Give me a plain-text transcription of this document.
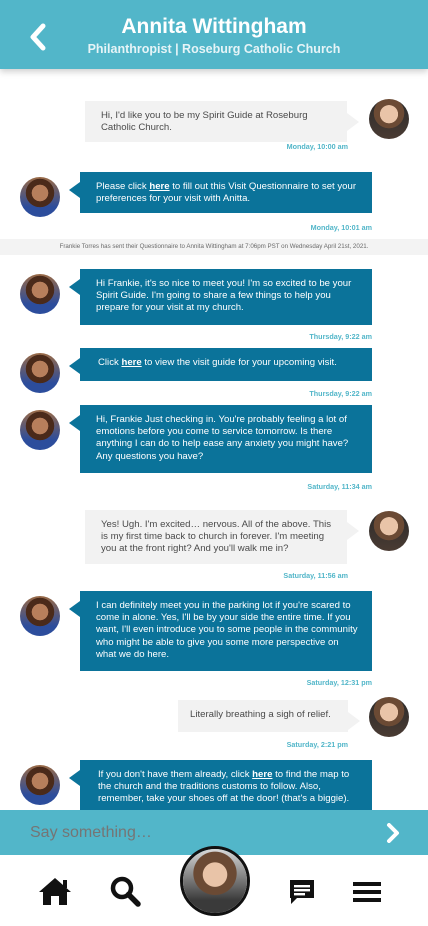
Annita Wittingham
Philanthropist | Roseburg Catholic Church
Hi, I'd like you to be my Spirit Guide at Roseburg Catholic Church.
Monday, 10:00 am
Please click here to fill out this Visit Questionnaire to set your preferences for your visit with Anitta.
Monday, 10:01 am
Frankie Torres has sent their Questionnaire to Annita Wittingham at 7:06pm PST on Wednesday April 21st, 2021.
Hi Frankie, it's so nice to meet you! I'm so excited to be your Spirit Guide. I'm going to share a few things to help you prepare for your visit at my church.
Thursday, 9:22 am
Click here to view the visit guide for your upcoming visit.
Thursday, 9:22 am
Hi, Frankie Just checking in. You're probably feeling a lot of emotions before you come to service tomorrow. Is there anything I can do to help ease any anxiety you might have? Any questions you have?
Saturday, 11:34 am
Yes! Ugh. I'm excited… nervous. All of the above. This is my first time back to church in forever. I'm meeting you at the front right? And you'll walk me in?
Saturday, 11:56 am
I can definitely meet you in the parking lot if you're scared to come in alone. Yes, I'll be by your side the entire time. If you want, I'll even introduce you to some people in the community who might be able to give you some more perspective on what we do here.
Saturday, 12:31 pm
Literally breathing a sigh of relief.
Saturday, 2:21 pm
If you don't have them already, click here to find the map to the church and the traditions customs to follow. Also, remember, take your shoes off at the door! (that's a biggie).
Say something…
